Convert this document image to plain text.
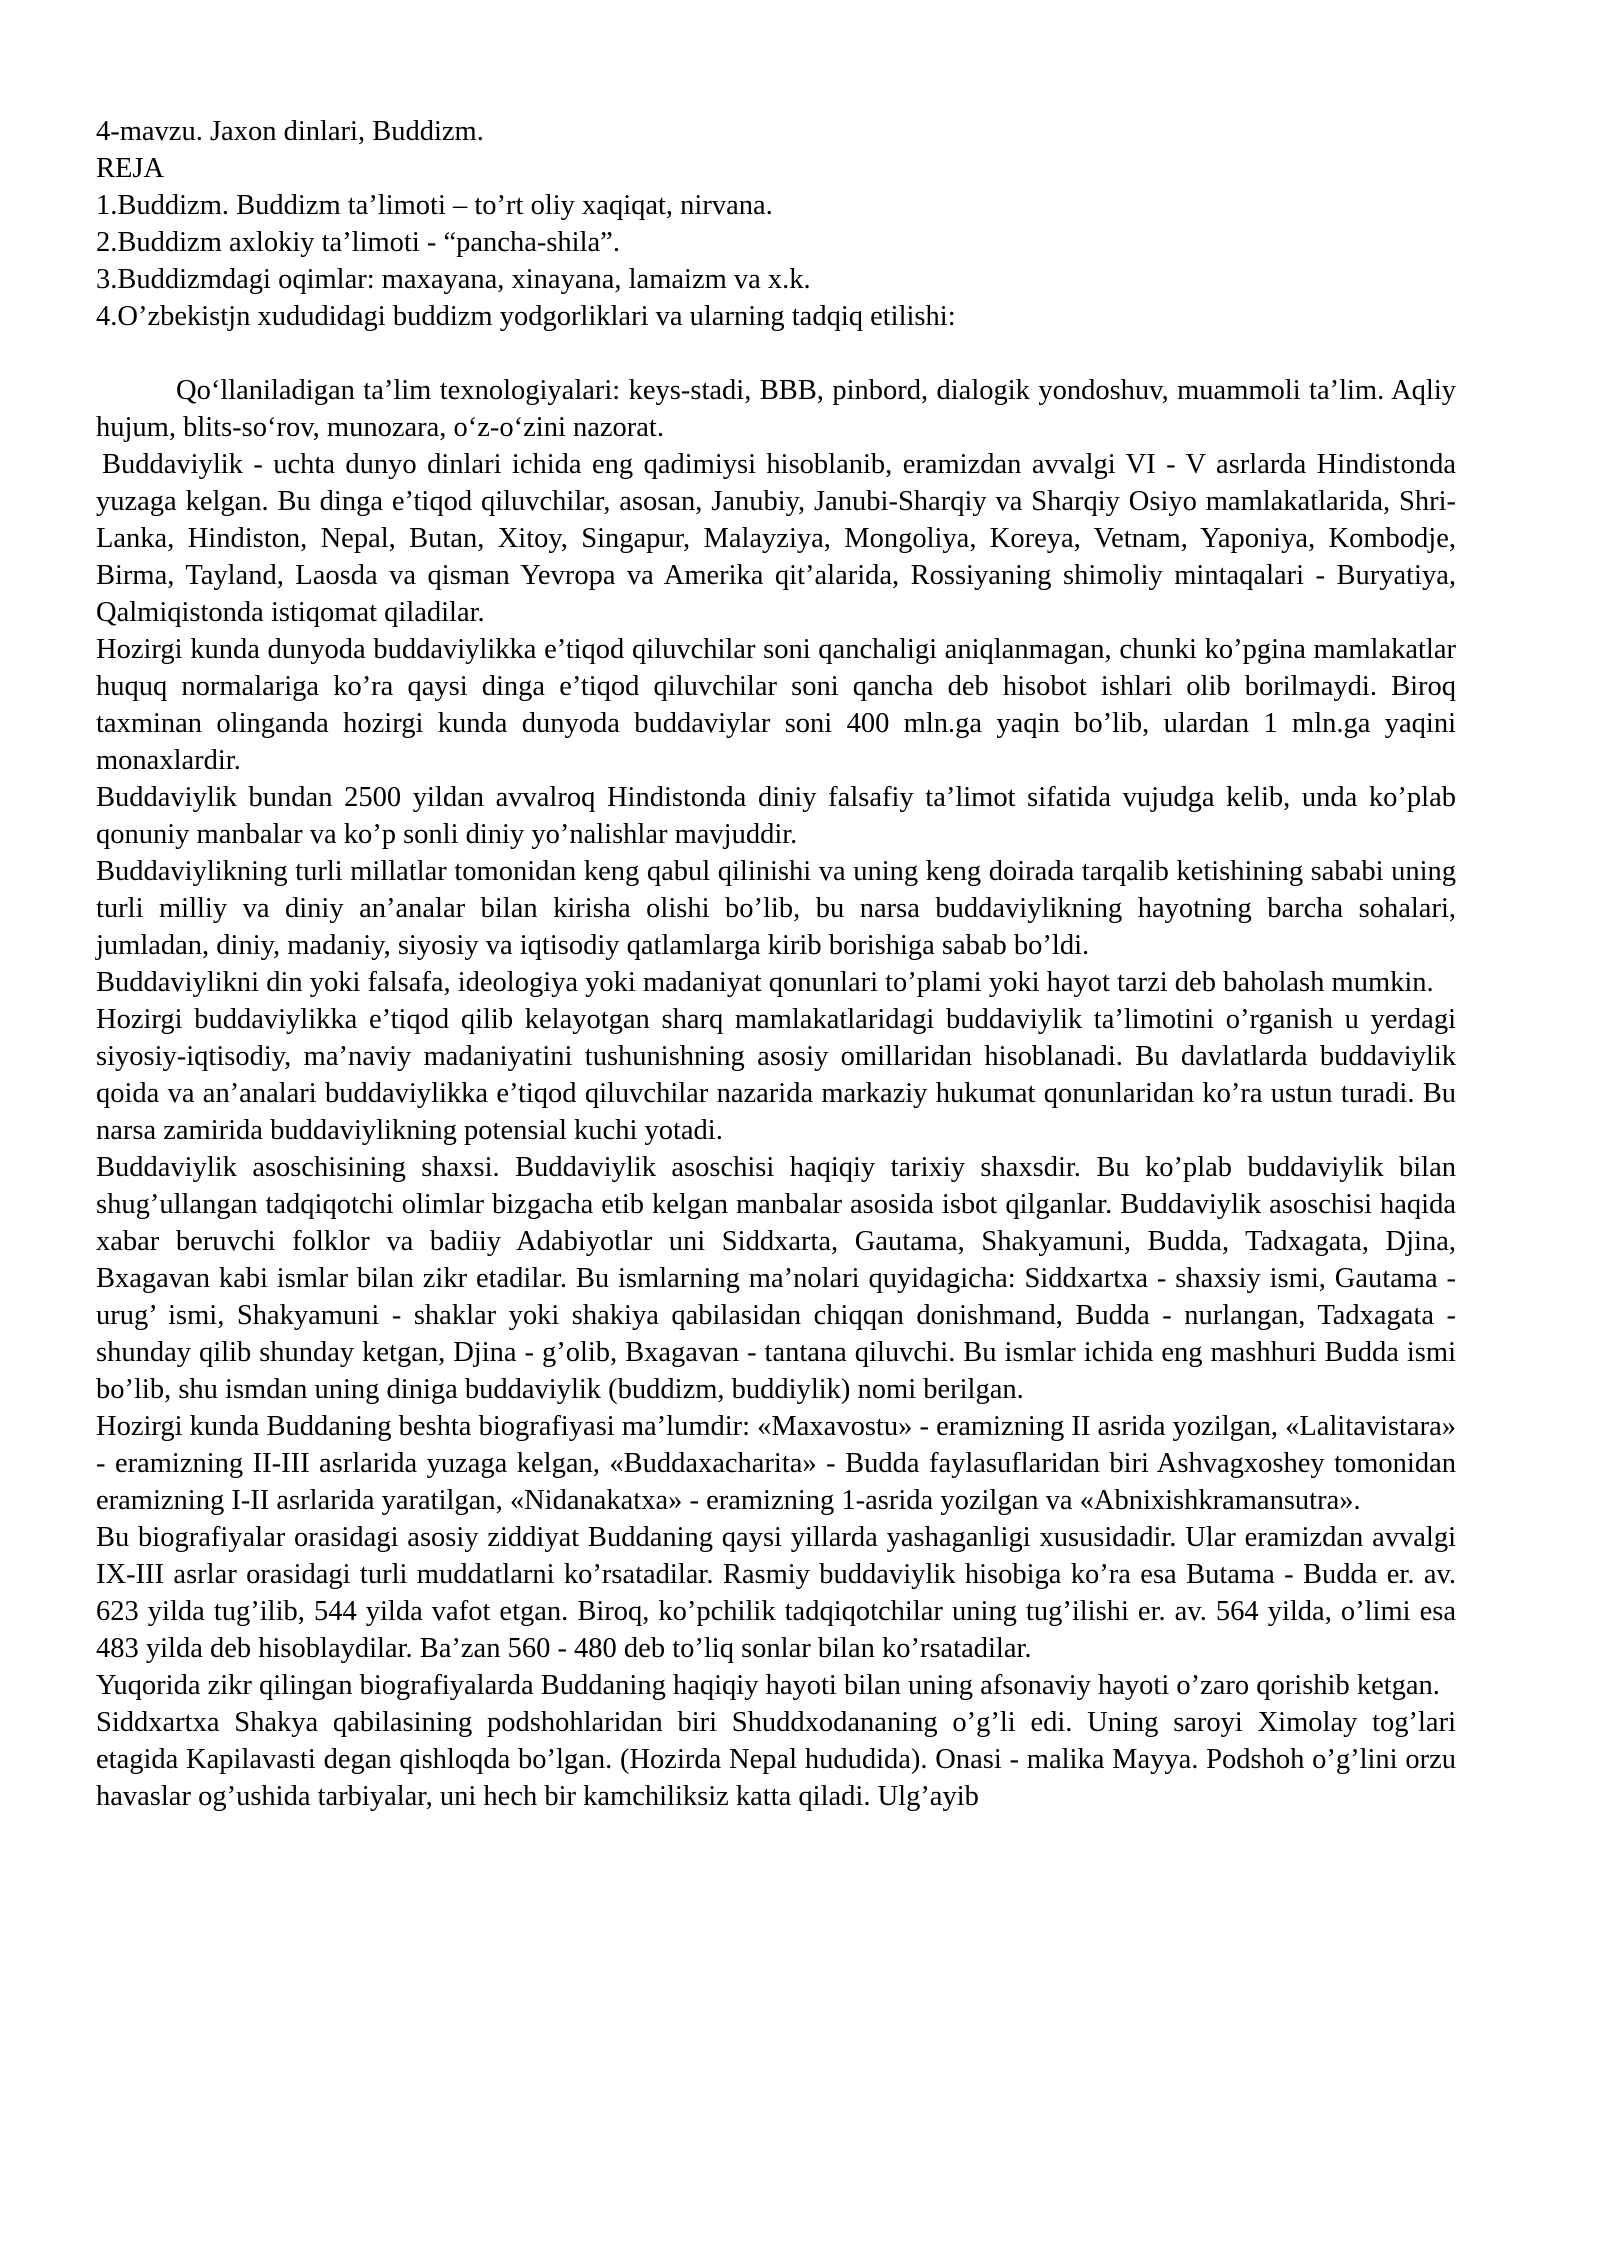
4-mavzu. Jaxon dinlari, Buddizm.

REJA

1.Buddizm. Buddizm ta’limoti – to’rt oliy xaqiqat, nirvana.

2.Buddizm axlokiy ta’limoti - “pancha-shila”.

3.Buddizmdagi oqimlar: maxayana, xinayana, lamaizm va x.k.

4.O’zbekistjn xududidagi buddizm yodgorliklari va ularning tadqiq etilishi:

Qo‘llaniladigan ta’lim texnologiyalari: keys-stadi, BBB, pinbord, dialogik yondoshuv, muammoli ta’lim. Aqliy hujum, blits-so‘rov, munozara, o‘z-o‘zini nazorat.

Buddaviylik - uchta dunyo dinlari ichida eng qadimiysi hisoblanib, eramizdan avvalgi VI - V asrlarda Hindistonda yuzaga kelgan. Bu dinga e’tiqod qiluvchilar, asosan, Janubiy, Janubi-Sharqiy va Sharqiy Osiyo mamlakatlarida, Shri-Lanka, Hindiston, Nepal, Butan, Xitoy, Singapur, Malayziya, Mongoliya, Koreya, Vetnam, Yaponiya, Kombodje, Birma, Tayland, Laosda va qisman Yevropa va Amerika qit’alarida, Rossiyaning shimoliy mintaqalari - Buryatiya, Qalmiqistonda istiqomat qiladilar.

Hozirgi kunda dunyoda buddaviylikka e’tiqod qiluvchilar soni qanchaligi aniqlanmagan, chunki ko’pgina mamlakatlar huquq normalariga ko’ra qaysi dinga e’tiqod qiluvchilar soni qancha deb hisobot ishlari olib borilmaydi. Biroq taxminan olinganda hozirgi kunda dunyoda buddaviylar soni 400 mln.ga yaqin bo’lib, ulardan 1 mln.ga yaqini monaxlardir.

Buddaviylik bundan 2500 yildan avvalroq Hindistonda diniy falsafiy ta’limot sifatida vujudga kelib, unda ko’plab qonuniy manbalar va ko’p sonli diniy yo’nalishlar mavjuddir.

Buddaviylikning turli millatlar tomonidan keng qabul qilinishi va uning keng doirada tarqalib ketishining sababi uning turli milliy va diniy an’analar bilan kirisha olishi bo’lib, bu narsa buddaviylikning hayotning barcha sohalari, jumladan, diniy, madaniy, siyosiy va iqtisodiy qatlamlarga kirib borishiga sabab bo’ldi.

Buddaviylikni din yoki falsafa, ideologiya yoki madaniyat qonunlari to’plami yoki hayot tarzi deb baholash mumkin.

Hozirgi buddaviylikka e’tiqod qilib kelayotgan sharq mamlakatlaridagi buddaviylik ta’limotini o’rganish u yerdagi siyosiy-iqtisodiy, ma’naviy madaniyatini tushunishning asosiy omillaridan hisoblanadi. Bu davlatlarda buddaviylik qoida va an’analari buddaviylikka e’tiqod qiluvchilar nazarida markaziy hukumat qonunlaridan ko’ra ustun turadi. Bu narsa zamirida buddaviylikning potensial kuchi yotadi.

Buddaviylik asoschisining shaxsi. Buddaviylik asoschisi haqiqiy tarixiy shaxsdir. Bu ko’plab buddaviylik bilan shug’ullangan tadqiqotchi olimlar bizgacha etib kelgan manbalar asosida isbot qilganlar. Buddaviylik asoschisi haqida xabar beruvchi folklor va badiiy Adabiyotlar uni Siddxarta, Gautama, Shakyamuni, Budda, Tadxagata, Djina, Bxagavan kabi ismlar bilan zikr etadilar. Bu ismlarning ma’nolari quyidagicha: Siddxartxa - shaxsiy ismi, Gautama - urug’ ismi, Shakyamuni - shaklar yoki shakiya qabilasidan chiqqan donishmand, Budda - nurlangan, Tadxagata - shunday qilib shunday ketgan, Djina - g’olib, Bxagavan - tantana qiluvchi. Bu ismlar ichida eng mashhuri Budda ismi bo’lib, shu ismdan uning diniga buddaviylik (buddizm, buddiylik) nomi berilgan.

Hozirgi kunda Buddaning beshta biografiyasi ma’lumdir: «Maxavostu» - eramizning II asrida yozilgan, «Lalitavistara» - eramizning II-III asrlarida yuzaga kelgan, «Buddaxacharita» - Budda faylasuflaridan biri Ashvagxoshey tomonidan eramizning I-II asrlarida yaratilgan, «Nidanakatxa» - eramizning 1-asrida yozilgan va «Abnixishkramansutra».

Bu biografiyalar orasidagi asosiy ziddiyat Buddaning qaysi yillarda yashaganligi xususidadir. Ular eramizdan avvalgi IX-III asrlar orasidagi turli muddatlarni ko’rsatadilar. Rasmiy buddaviylik hisobiga ko’ra esa Butama - Budda er. av. 623 yilda tug’ilib, 544 yilda vafot etgan. Biroq, ko’pchilik tadqiqotchilar uning tug’ilishi er. av. 564 yilda, o’limi esa 483 yilda deb hisoblaydilar. Ba’zan 560 - 480 deb to’liq sonlar bilan ko’rsatadilar.

Yuqorida zikr qilingan biografiyalarda Buddaning haqiqiy hayoti bilan uning afsonaviy hayoti o’zaro qorishib ketgan.

Siddxartxa Shakya qabilasining podshohlaridan biri Shuddxodananing o’g’li edi. Uning saroyi Ximolay tog’lari etagida Kapilavasti degan qishloqda bo’lgan. (Hozirda Nepal hududida). Onasi - malika Mayya. Podshoh o’g’lini orzu havaslar og’ushida tarbiyalar, uni hech bir kamchiliksiz katta qiladi. Ulg’ayib
